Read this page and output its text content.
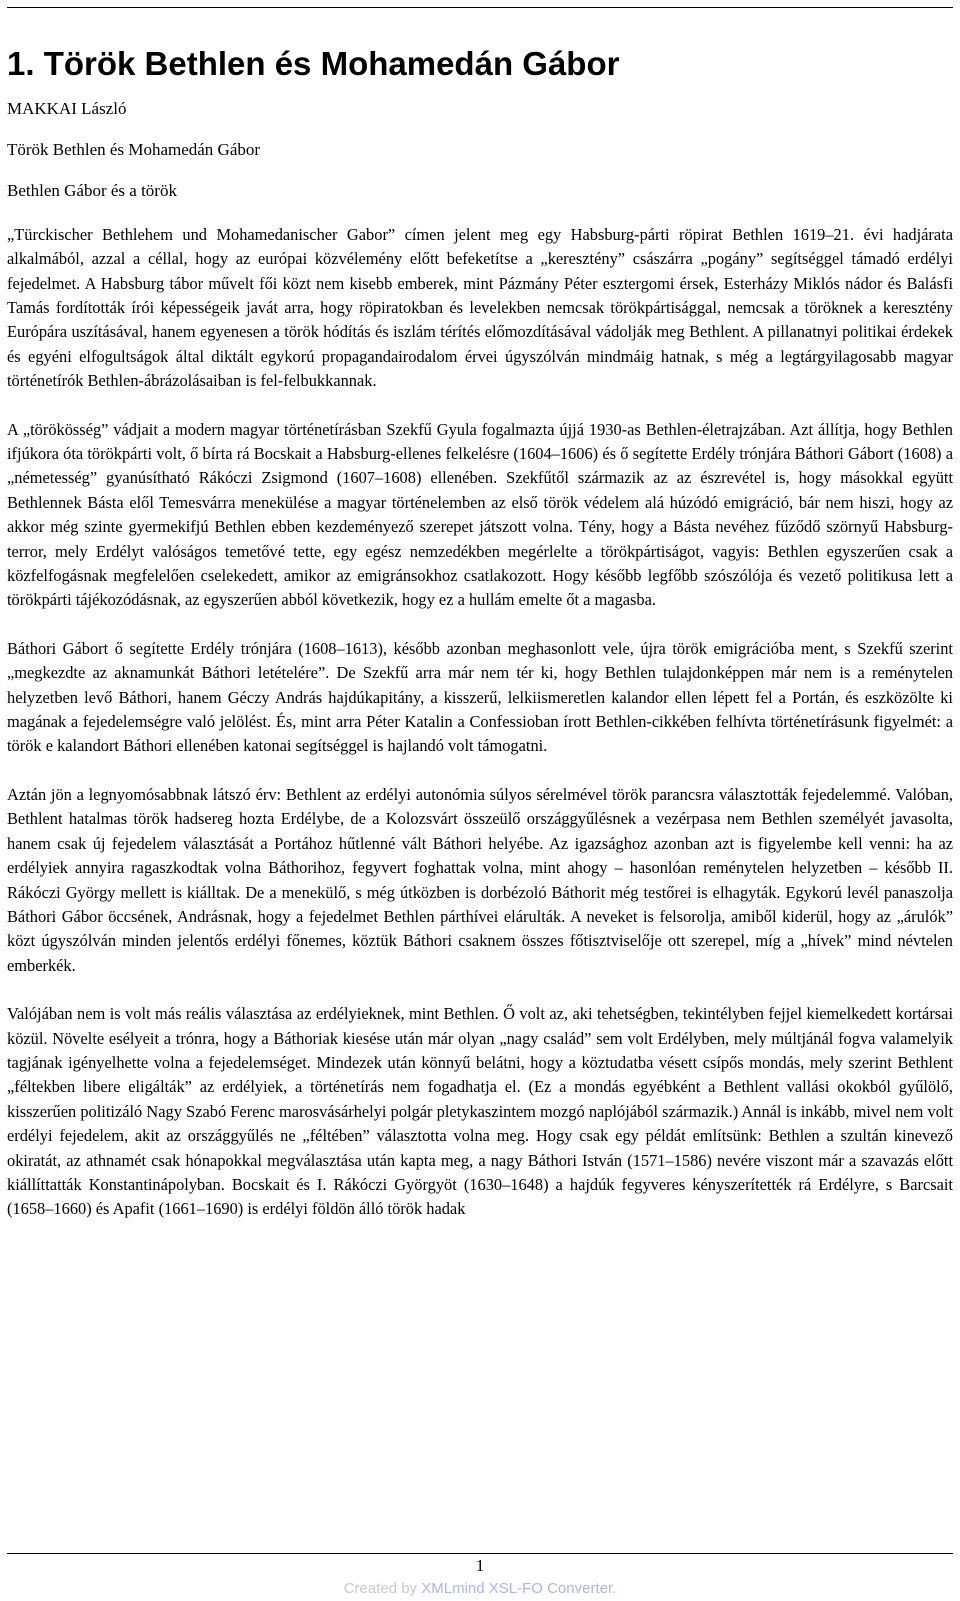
1. Török Bethlen és Mohamedán Gábor

MAKKAI László

Török Bethlen és Mohamedán Gábor

Bethlen Gábor és a török

„Türckischer Bethlehem und Mohamedanischer Gabor” címen jelent meg egy Habsburg-párti röpirat Bethlen 1619–21. évi hadjárata alkalmából, azzal a céllal, hogy az európai közvélemény előtt befeketítse a „keresztény” császárra „pogány” segítséggel támadó erdélyi fejedelmet. A Habsburg tábor művelt fői közt nem kisebb emberek, mint Pázmány Péter esztergomi érsek, Esterházy Miklós nádor és Balásfi Tamás fordították írói képességeik javát arra, hogy röpiratokban és levelekben nemcsak törökpártisággal, nemcsak a töröknek a keresztény Európára uszításával, hanem egyenesen a török hódítás és iszlám térítés előmozdításával vádolják meg Bethlent. A pillanatnyi politikai érdekek és egyéni elfogultságok által diktált egykorú propagandairodalom érvei úgyszólván mindmáig hatnak, s még a legtárgyilagosabb magyar történetírók Bethlen-ábrázolásaiban is fel-felbukkannak.

A „törökösség” vádjait a modern magyar történetírásban Szekfű Gyula fogalmazta újjá 1930-as Bethlen-életrajzában. Azt állítja, hogy Bethlen ifjúkora óta törökpárti volt, ő bírta rá Bocskait a Habsburg-ellenes felkelésre (1604–1606) és ő segítette Erdély trónjára Báthori Gábort (1608) a „németesség” gyanúsítható Rákóczi Zsigmond (1607–1608) ellenében. Szekfűtől származik az az észrevétel is, hogy másokkal együtt Bethlennek Básta elől Temesvárra menekülése a magyar történelemben az első török védelem alá húzódó emigráció, bár nem hiszi, hogy az akkor még szinte gyermekifjú Bethlen ebben kezdeményező szerepet játszott volna. Tény, hogy a Básta nevéhez fűződő szörnyű Habsburg-terror, mely Erdélyt valóságos temetővé tette, egy egész nemzedékben megérlelte a törökpártiságot, vagyis: Bethlen egyszerűen csak a közfelfogásnak megfelelően cselekedett, amikor az emigránsokhoz csatlakozott. Hogy később legfőbb szószólója és vezető politikusa lett a törökpárti tájékozódásnak, az egyszerűen abból következik, hogy ez a hullám emelte őt a magasba.

Báthori Gábort ő segítette Erdély trónjára (1608–1613), később azonban meghasonlott vele, újra török emigrációba ment, s Szekfű szerint „megkezdte az aknamunkát Báthori letételére”. De Szekfű arra már nem tér ki, hogy Bethlen tulajdonképpen már nem is a reménytelen helyzetben levő Báthori, hanem Géczy András hajdúkapitány, a kisszerű, lelkiismeretlen kalandor ellen lépett fel a Portán, és eszközölte ki magának a fejedelemségre való jelölést. És, mint arra Péter Katalin a Confessioban írott Bethlen-cikkében felhívta történetírásunk figyelmét: a török e kalandort Báthori ellenében katonai segítséggel is hajlandó volt támogatni.

Aztán jön a legnyomósabbnak látszó érv: Bethlent az erdélyi autonómia súlyos sérelmével török parancsra választották fejedelemmé. Valóban, Bethlent hatalmas török hadsereg hozta Erdélybe, de a Kolozsvárt összeülő országgyűlésnek a vezérpasa nem Bethlen személyét javasolta, hanem csak új fejedelem választását a Portához hűtlenné vált Báthori helyébe. Az igazsághoz azonban azt is figyelembe kell venni: ha az erdélyiek annyira ragaszkodtak volna Báthorihoz, fegyvert foghattak volna, mint ahogy – hasonlóan reménytelen helyzetben – később II. Rákóczi György mellett is kiálltak. De a menekülő, s még útközben is dorbézoló Báthorit még testőrei is elhagyták. Egykorú levél panaszolja Báthori Gábor öccsének, Andrásnak, hogy a fejedelmet Bethlen párthívei elárulták. A neveket is felsorolja, amiből kiderül, hogy az „árulók” közt úgyszólván minden jelentős erdélyi főnemes, köztük Báthori csaknem összes főtisztviselője ott szerepel, míg a „hívek” mind névtelen emberkék.

Valójában nem is volt más reális választása az erdélyieknek, mint Bethlen. Ő volt az, aki tehetségben, tekintélyben fejjel kiemelkedett kortársai közül. Növelte esélyeit a trónra, hogy a Báthoriak kiesése után már olyan „nagy család” sem volt Erdélyben, mely múltjánál fogva valamelyik tagjának igényelhette volna a fejedelemséget. Mindezek után könnyű belátni, hogy a köztudatba vésett csípős mondás, mely szerint Bethlent „féltekben libere eligálták” az erdélyiek, a történetírás nem fogadhatja el. (Ez a mondás egyébként a Bethlent vallási okokból gyűlölő, kisszerűen politizáló Nagy Szabó Ferenc marosvásárhelyi polgár pletykaszintem mozgó naplójából származik.) Annál is inkább, mivel nem volt erdélyi fejedelem, akit az országgyűlés ne „féltében” választotta volna meg. Hogy csak egy példát említsünk: Bethlen a szultán kinevező okiratát, az athnamét csak hónapokkal megválasztása után kapta meg, a nagy Báthori István (1571–1586) nevére viszont már a szavazás előtt kiállíttatták Konstantinápolyban. Bocskait és I. Rákóczi Györgyöt (1630–1648) a hajdúk fegyveres kényszerítették rá Erdélyre, s Barcsait (1658–1660) és Apafit (1661–1690) is erdélyi földön álló török hadak

1
Created by XMLmind XSL-FO Converter.
